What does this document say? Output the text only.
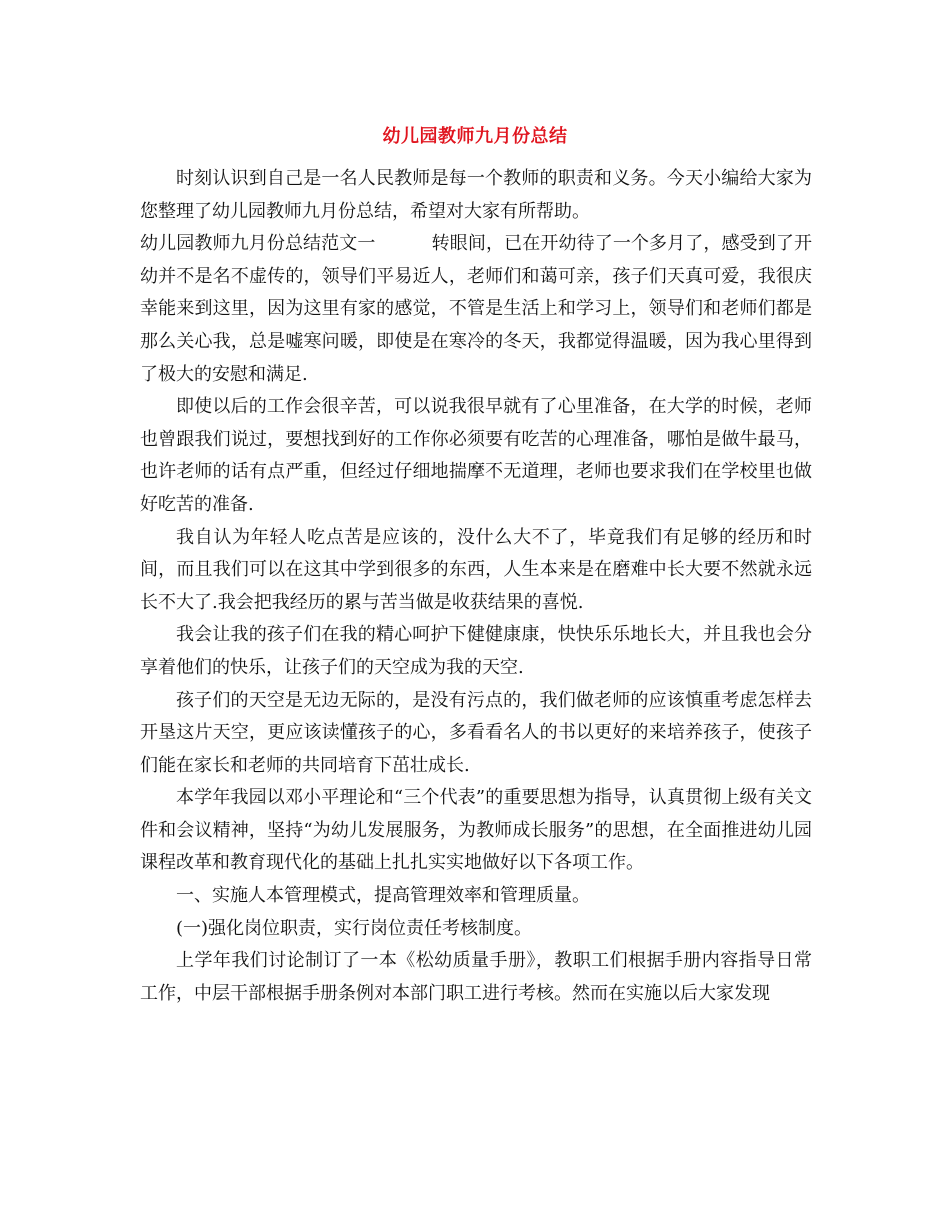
幼儿园教师九月份总结

时刻认识到自己是一名人民教师是每一个教师的职责和义务。今天小编给大家为您整理了幼儿园教师九月份总结，希望对大家有所帮助。

幼儿园教师九月份总结范文一	转眼间，已在开幼待了一个多月了，感受到了开幼并不是名不虚传的，领导们平易近人，老师们和蔼可亲，孩子们天真可爱，我很庆幸能来到这里，因为这里有家的感觉，不管是生活上和学习上，领导们和老师们都是那么关心我，总是嘘寒问暖，即使是在寒冷的冬天，我都觉得温暖，因为我心里得到了极大的安慰和满足.

即使以后的工作会很辛苦，可以说我很早就有了心里准备，在大学的时候，老师也曾跟我们说过，要想找到好的工作你必须要有吃苦的心理准备，哪怕是做牛最马，也许老师的话有点严重，但经过仔细地揣摩不无道理，老师也要求我们在学校里也做好吃苦的准备.

我自认为年轻人吃点苦是应该的，没什么大不了，毕竟我们有足够的经历和时间，而且我们可以在这其中学到很多的东西，人生本来是在磨难中长大要不然就永远长不大了.我会把我经历的累与苦当做是收获结果的喜悦.

我会让我的孩子们在我的精心呵护下健健康康，快快乐乐地长大，并且我也会分享着他们的快乐，让孩子们的天空成为我的天空.

孩子们的天空是无边无际的，是没有污点的，我们做老师的应该慎重考虑怎样去开垦这片天空，更应该读懂孩子的心，多看看名人的书以更好的来培养孩子，使孩子们能在家长和老师的共同培育下茁壮成长.

本学年我园以邓小平理论和“三个代表”的重要思想为指导，认真贯彻上级有关文件和会议精神，坚持“为幼儿发展服务，为教师成长服务”的思想，在全面推进幼儿园课程改革和教育现代化的基础上扎扎实实地做好以下各项工作。

一、实施人本管理模式，提高管理效率和管理质量。

(一)强化岗位职责，实行岗位责任考核制度。

上学年我们讨论制订了一本《松幼质量手册》，教职工们根据手册内容指导日常工作，中层干部根据手册条例对本部门职工进行考核。然而在实施以后大家发现
